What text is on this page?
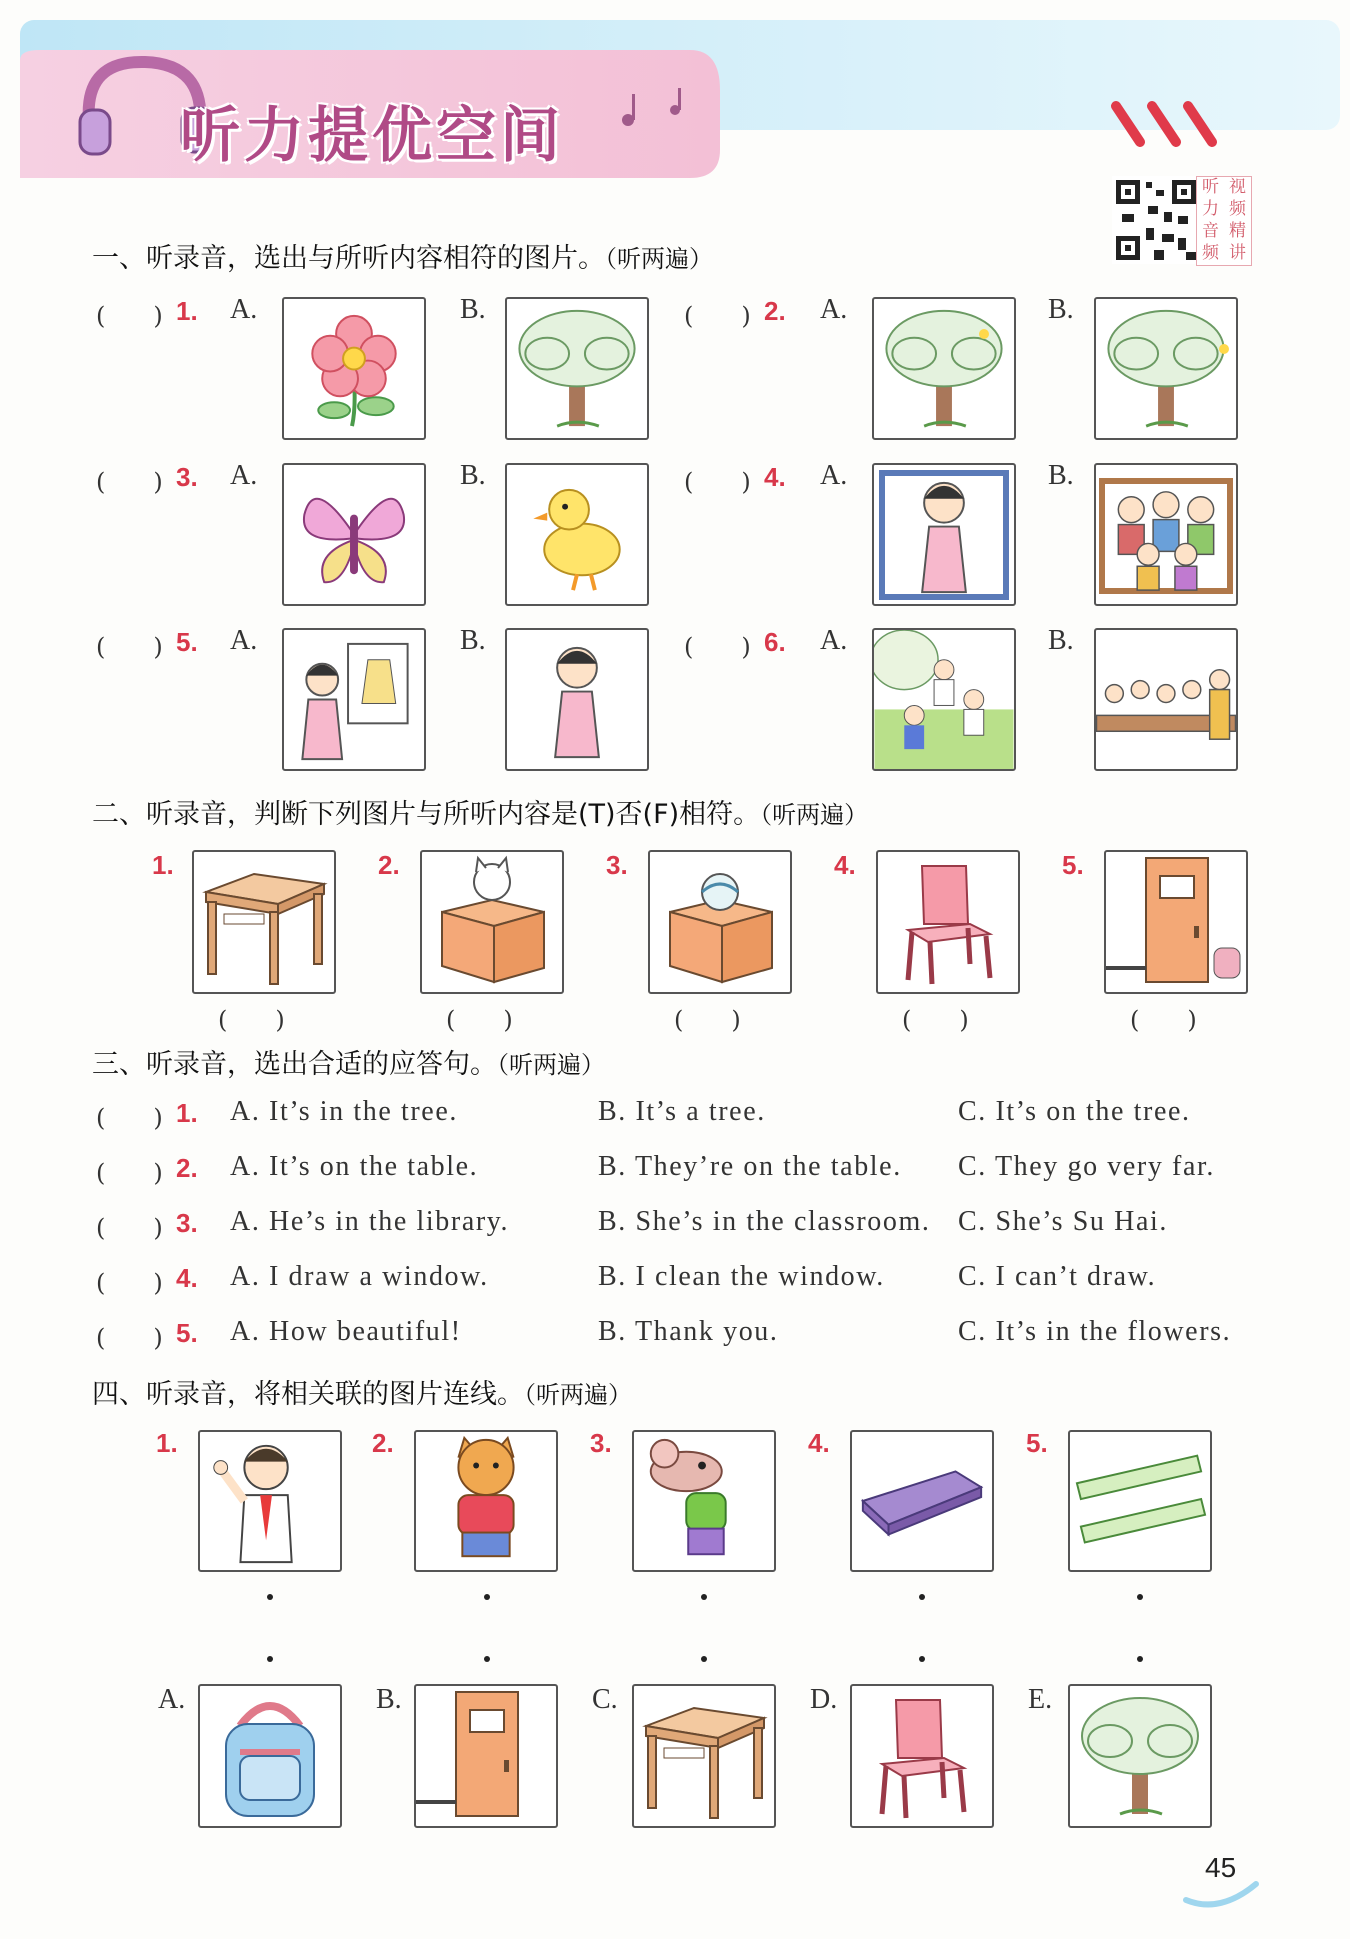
听力提优空间
听 视
力 频
音 精
频 讲
一、听录音，选出与所听内容相符的图片。（听两遍）
(　　) 1. A.	B.	(　　) 2. A.	B.
(　　) 3. A.	B.	(　　) 4. A.	B.
(　　) 5. A.	B.	(　　) 6. A.	B.
二、听录音，判断下列图片与所听内容是(T)否(F)相符。（听两遍）
1.
(　　)
2.
(　　)
3.
(　　)
4.
(　　)
5.
(　　)
三、听录音，选出合适的应答句。（听两遍）
(　　) 1. A. It’s in the tree.	B. It’s a tree.	C. It’s on the tree.
(　　) 2. A. It’s on the table.	B. They’re on the table. C. They go very far.
(　　) 3. A. He’s in the library.	B. She’s in the classroom. C. She’s Su Hai.
(　　) 4. A. I draw a window.	B. I clean the window.	C. I can’t draw.
(　　) 5. A. How beautiful!	B. Thank you.	C. It’s in the flowers.
四、听录音，将相关联的图片连线。（听两遍）
1.	2.	3.	4.	5.
A.	B.	C.	D.	E.
45
